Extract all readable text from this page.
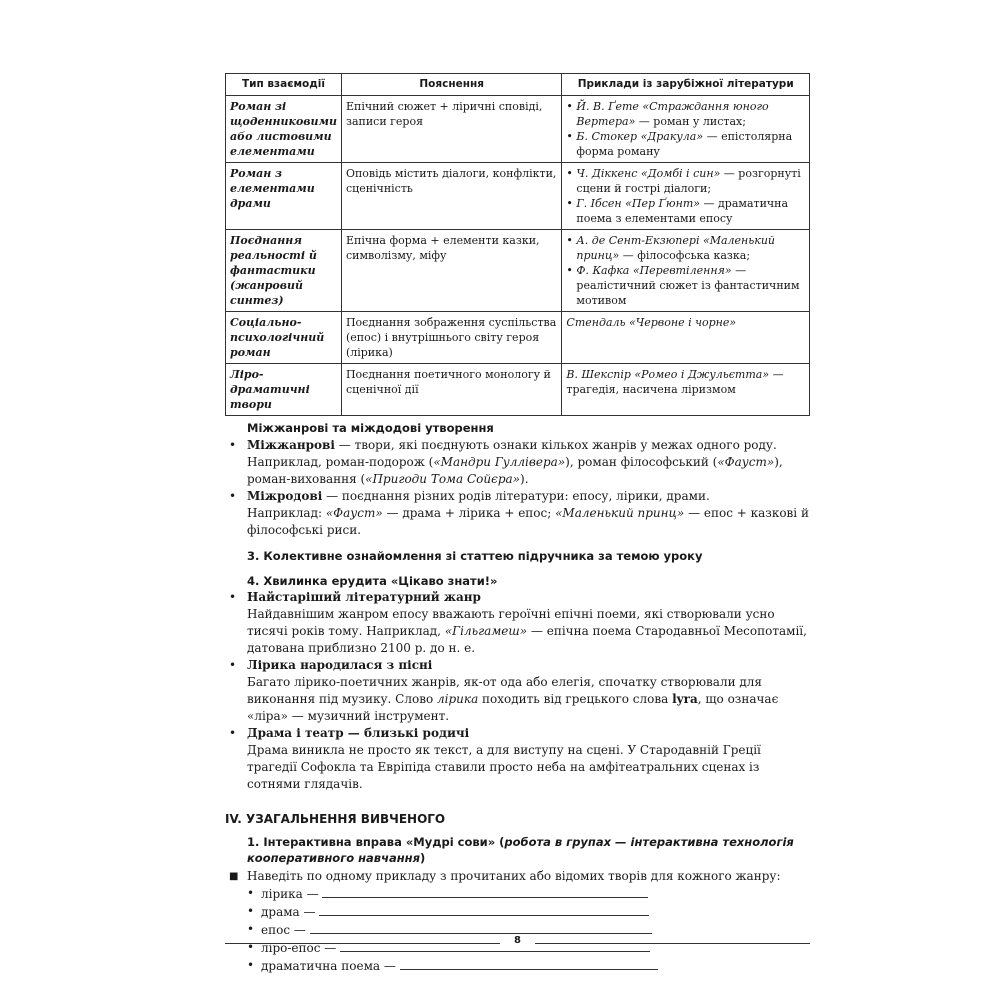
Тип взаємодії	Пояснення	Приклади із зарубіжної літератури
Роман зі щоденниковими або листовими елементами	Епічний сюжет + ліричні сповіді, записи героя	• Й. В. Ґете «Страждання юного Вертера» — роман у листах;
• Б. Стокер «Дракула» — епістолярна форма роману

Роман з елементами драми	Оповідь містить діалоги, конфлікти, сценічність	• Ч. Діккенс «Домбі і син» — розгорнуті сцени й гострі діалоги;
• Г. Ібсен «Пер Ґюнт» — драматична поема з елементами епосу

Поєднання реальності й фантастики (жанровий синтез)	Епічна форма + елементи казки, символізму, міфу	• А. де Сент-Екзюпері «Маленький принц» — філософська казка;
• Ф. Кафка «Перевтілення» — реалістичний сюжет із фантастичним мотивом

Соціально-психологічний роман	Поєднання зображення суспільства (епос) і внутрішнього світу героя (лірика)	Стендаль «Червоне і чорне»
Ліро-драматичні твори	Поєднання поетичного монологу й сценічної дії	В. Шекспір «Ромео і Джульєтта» — трагедія, насичена ліризмом

Міжжанрові та міждодові утворення

• Міжжанрові — твори, які поєднують ознаки кількох жанрів у межах одного роду. Наприклад, роман-подорож («Мандри Гуллівера»), роман філософський («Фауст»), роман-виховання («Пригоди Тома Сойєра»).
• Міжродові — поєднання різних родів літератури: епосу, лірики, драми.

Наприклад: «Фауст» — драма + лірика + епос; «Маленький принц» — епос + казкові й філософські риси.

3. Колективне ознайомлення зі статтею підручника за темою уроку

4. Хвилинка ерудита «Цікаво знати!»

• Найстаріший літературний жанр

Найдавнішим жанром епосу вважають героїчні епічні поеми, які створювали усно тисячі років тому. Наприклад, «Гільгамеш» — епічна поема Стародавньої Месопотамії, датована приблизно 2100 р. до н. е.

• Лірика народилася з пісні

Багато лірико-поетичних жанрів, як-от ода або елегія, спочатку створювали для виконання під музику. Слово лірика походить від грецького слова lyra, що означає «ліра» — музичний інструмент.

• Драма і театр — близькі родичі

Драма виникла не просто як текст, а для виступу на сцені. У Стародавній Греції трагедії Софокла та Евріпіда ставили просто неба на амфітеатральних сценах із сотнями глядачів.

IV. УЗАГАЛЬНЕННЯ ВИВЧЕНОГО

1. Інтерактивна вправа «Мудрі сови» (робота в групах — інтерактивна технологія кооперативного навчання)

■ Наведіть по одному прикладу з прочитаних або відомих творів для кожного жанру:
• лірика —
• драма —
• епос —
• ліро-епос —
• драматична поема —
8
